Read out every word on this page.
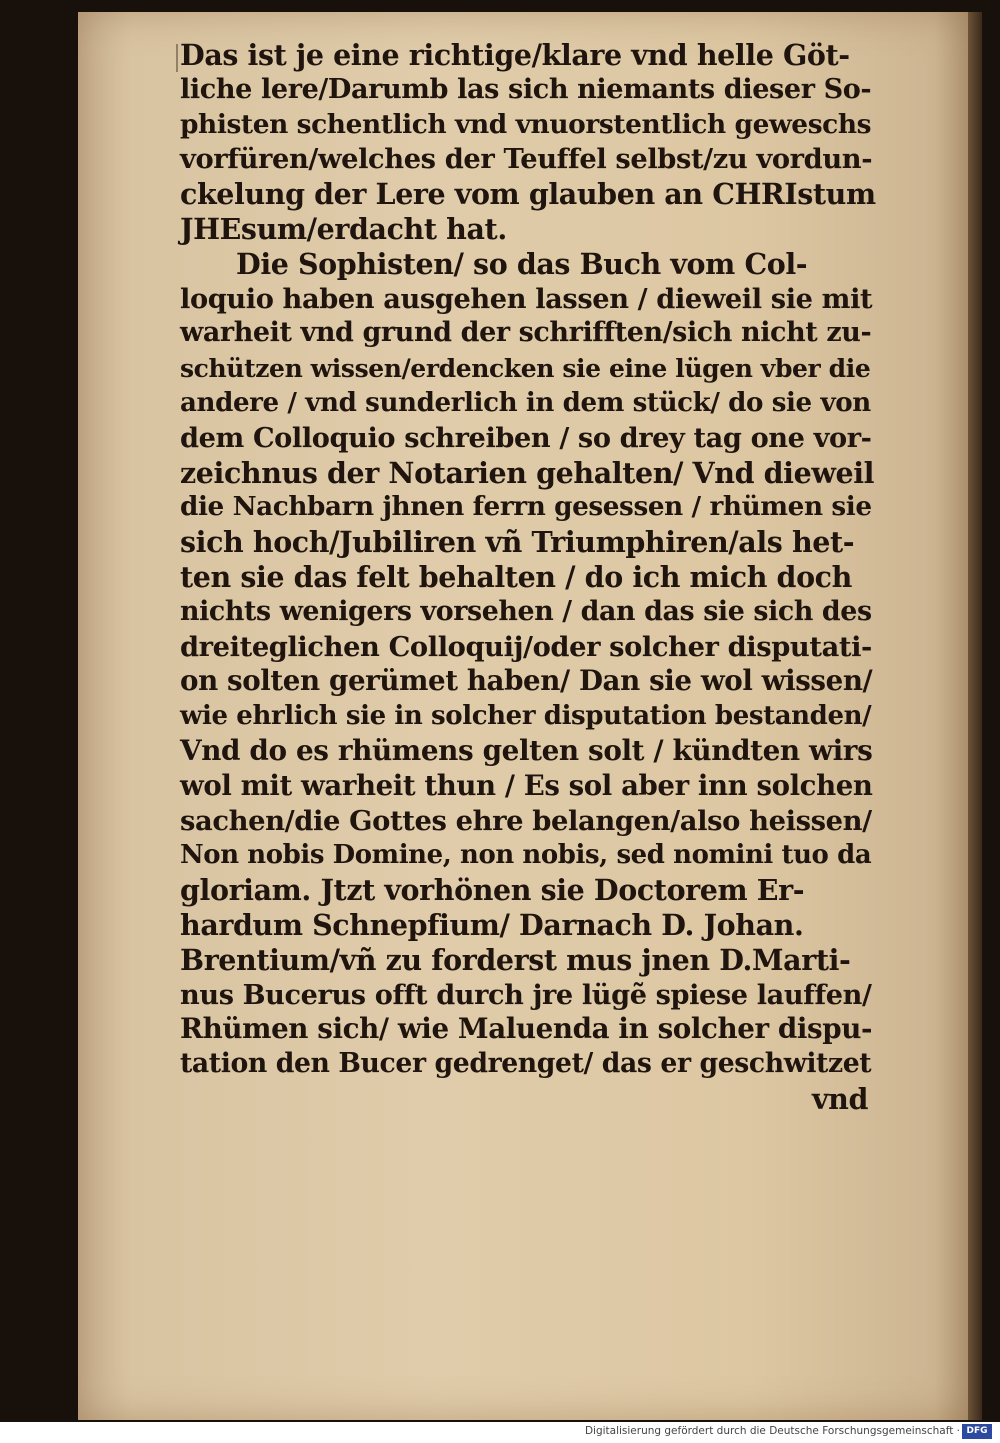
Das ist je eine richtige/klare vnd helle Göt-
liche lere/Darumb las sich niemants dieser So-
phisten schentlich vnd vnuorstentlich geweschs
vorfüren/welches der Teuffel selbst/zu vordun-
ckelung der Lere vom glauben an CHRIstum
JHEsum/erdacht hat.
Die Sophisten/ so das Buch vom Col-
loquio haben ausgehen lassen / dieweil sie mit
warheit vnd grund der schrifften/sich nicht zu-
schützen wissen/erdencken sie eine lügen vber die
andere / vnd sunderlich in dem stück/ do sie von
dem Colloquio schreiben / so drey tag one vor-
zeichnus der Notarien gehalten/ Vnd dieweil
die Nachbarn jhnen ferrn gesessen / rhümen sie
sich hoch/Jubiliren vñ Triumphiren/als het-
ten sie das felt behalten / do ich mich doch
nichts wenigers vorsehen / dan das sie sich des
dreiteglichen Colloquij/oder solcher disputati-
on solten gerümet haben/ Dan sie wol wissen/
wie ehrlich sie in solcher disputation bestanden/
Vnd do es rhümens gelten solt / kündten wirs
wol mit warheit thun / Es sol aber inn solchen
sachen/die Gottes ehre belangen/also heissen/
Non nobis Domine, non nobis, sed nomini tuo da
gloriam. Jtzt vorhönen sie Doctorem Er-
hardum Schnepfium/ Darnach D. Johan.
Brentium/vñ zu forderst mus jnen D.Marti-
nus Bucerus offt durch jre lügẽ spiese lauffen/
Rhümen sich/ wie Maluenda in solcher dispu-
tation den Bucer gedrenget/ das er geschwitzet
vnd
Digitalisierung gefördert durch die Deutsche Forschungsgemeinschaft · DFG
